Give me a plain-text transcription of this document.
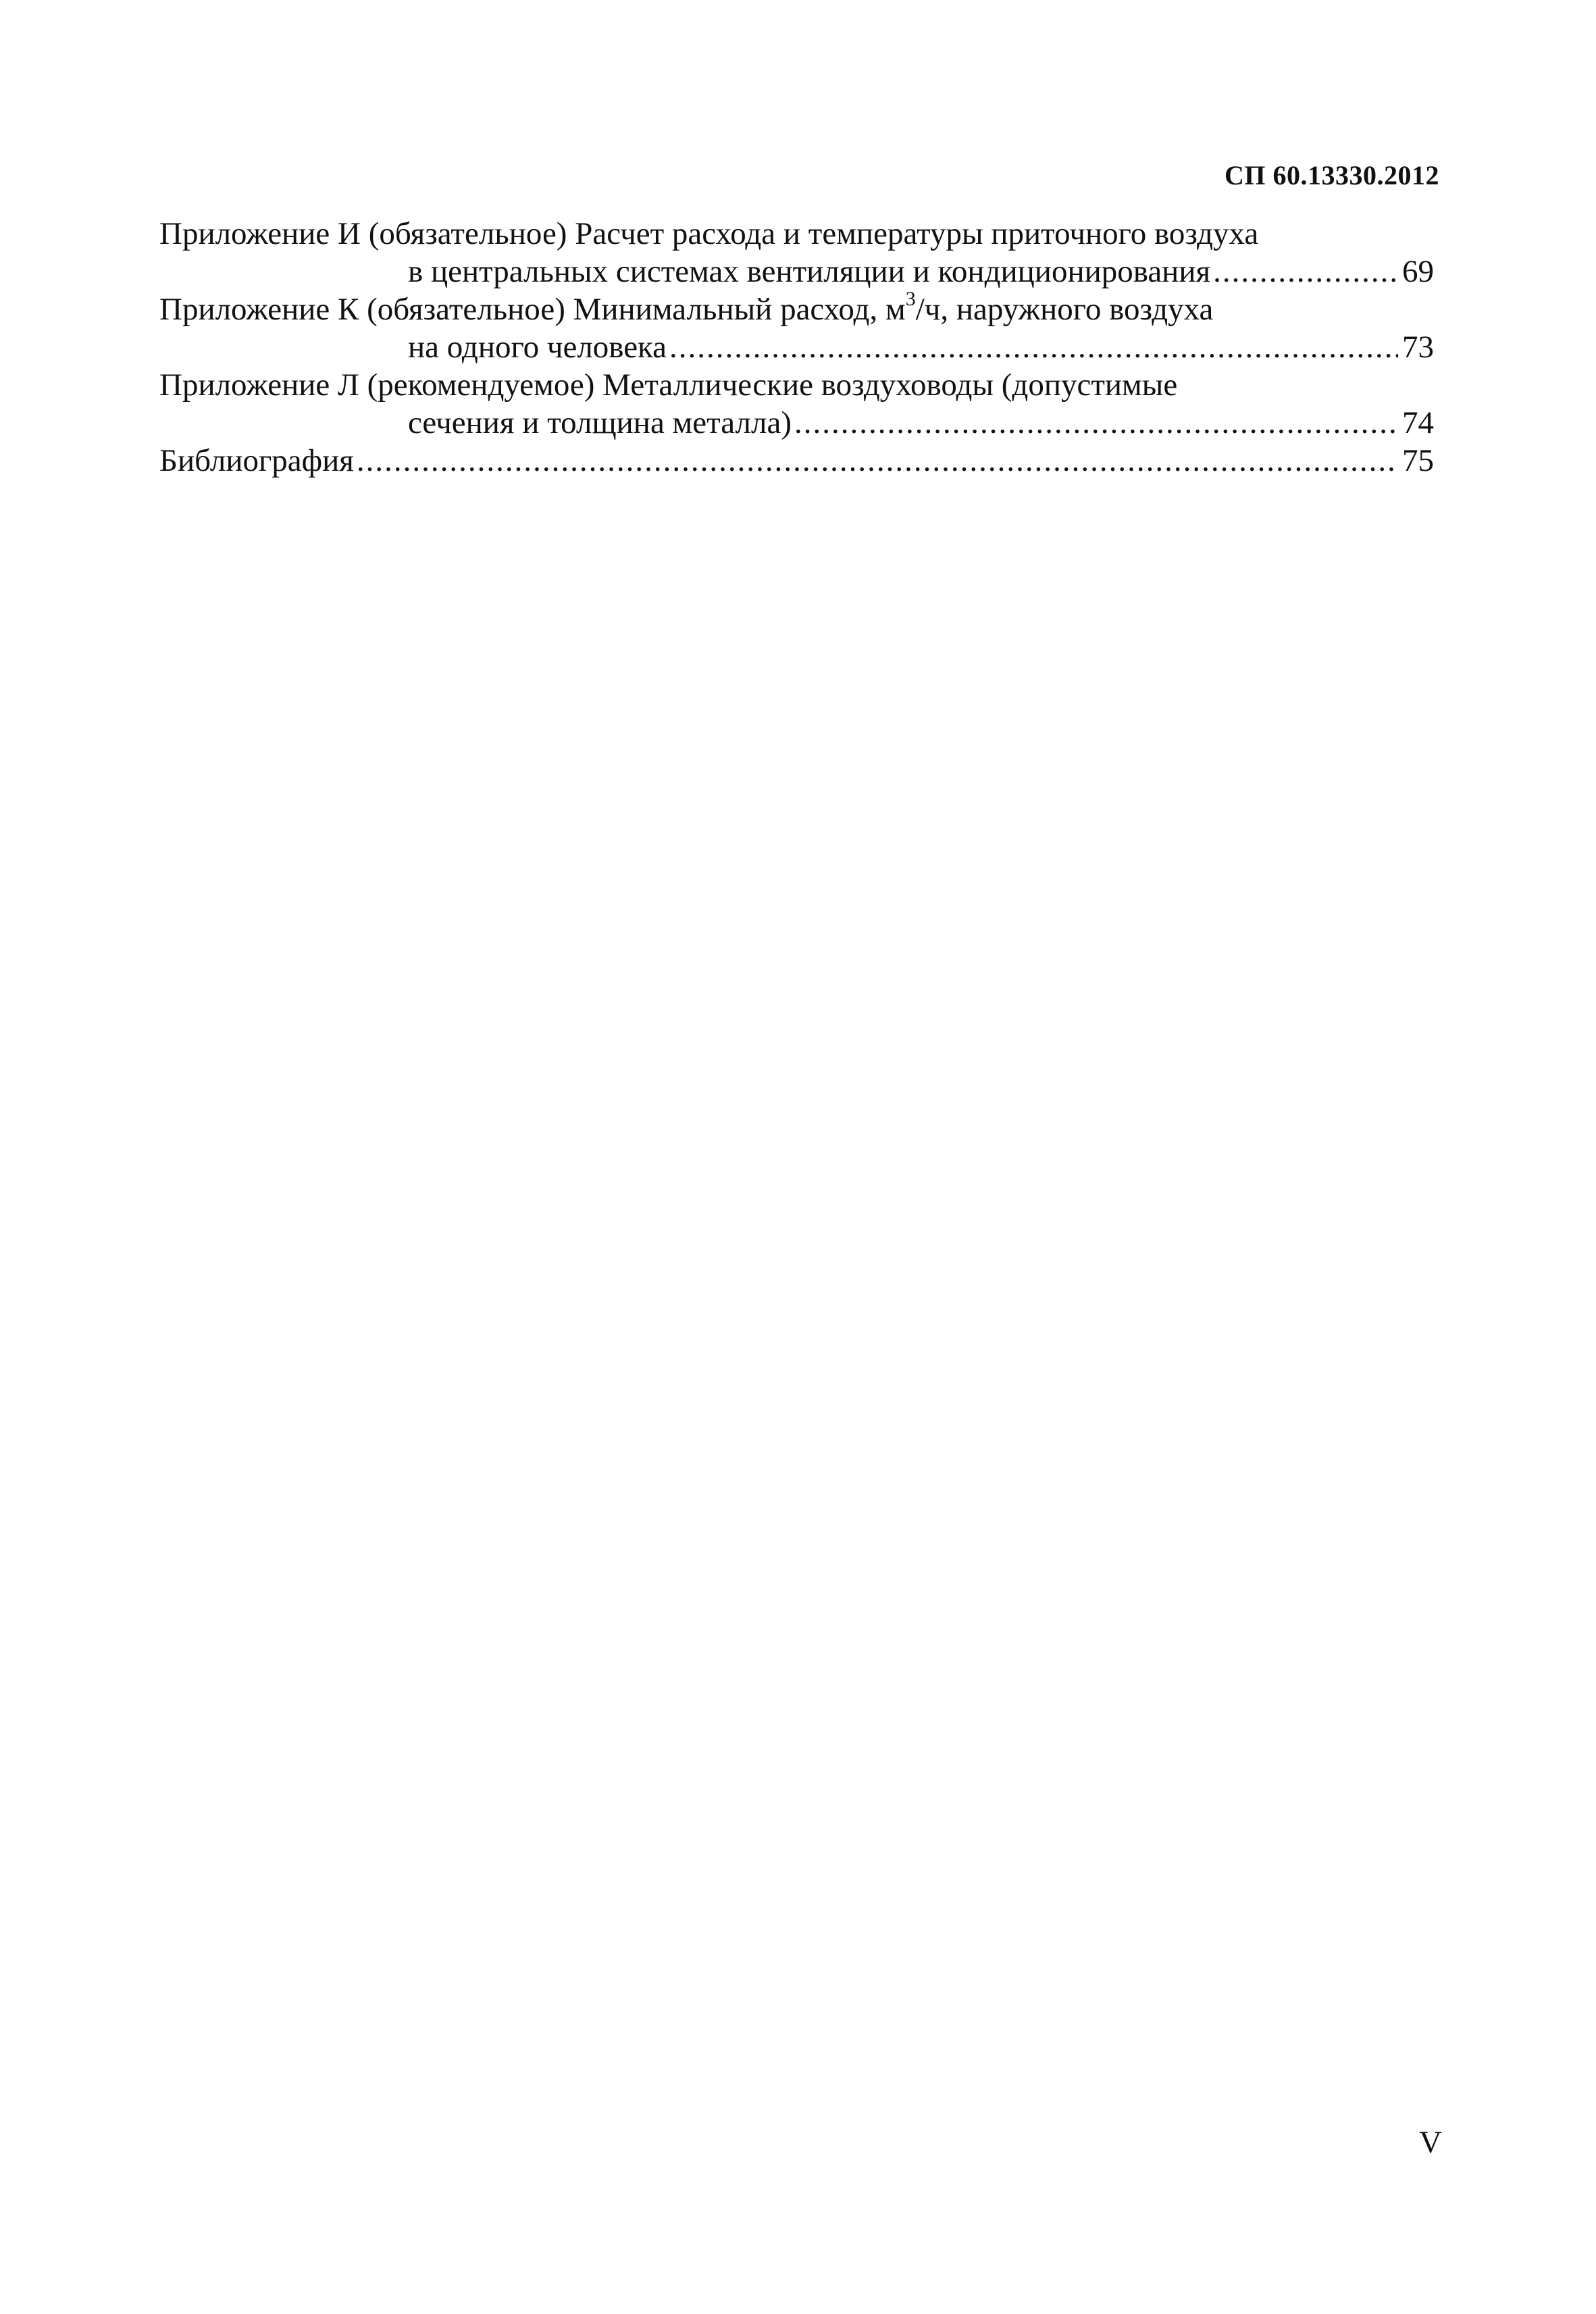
СП 60.13330.2012
Приложение И (обязательное) Расчет расхода и температуры приточного воздуха
в центральных системах вентиляции и кондиционирования .....	69
Приложение К (обязательное) Минимальный расход, $м^3/ч$, наружного воздуха
на одного человека .....	73
Приложение Л (рекомендуемое) Металлические воздуховоды (допустимые
сечения и толщина металла) .....	74
Библиография .....	75
V
